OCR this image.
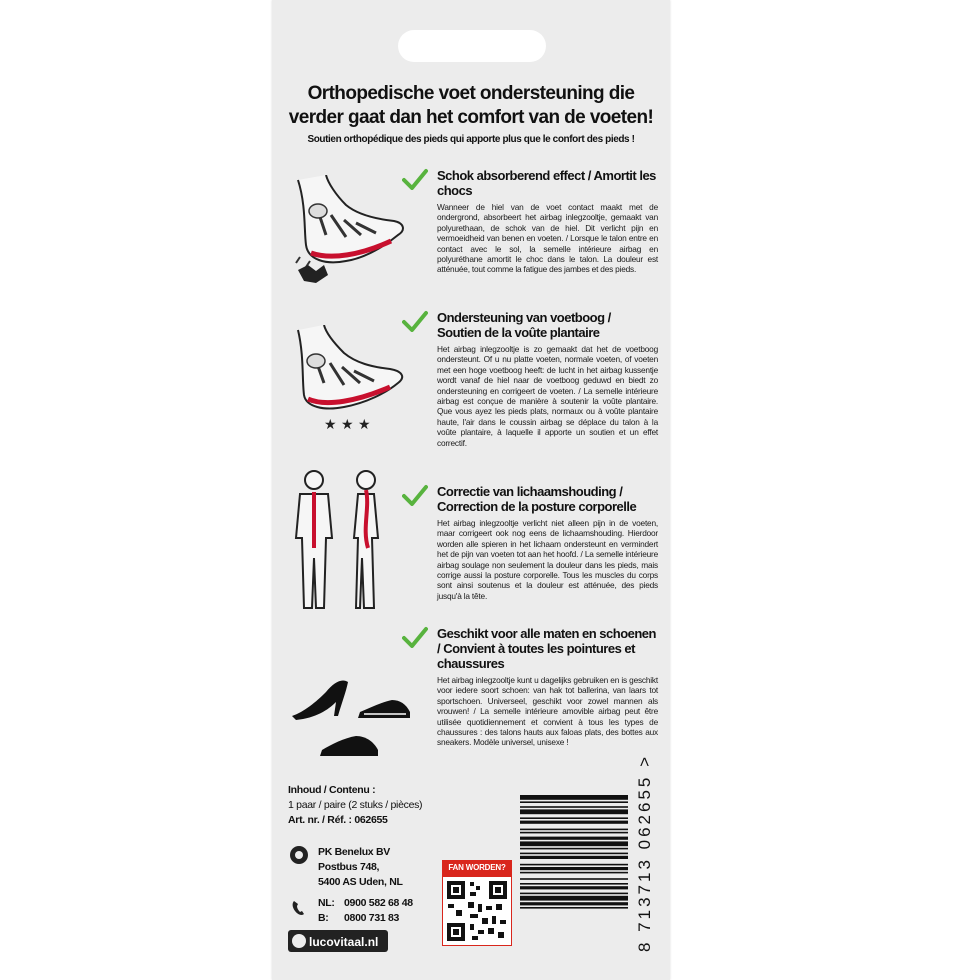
Orthopedische voet ondersteuning die
verder gaat dan het comfort van de voeten!
Soutien orthopédique des pieds qui apporte plus que le confort des pieds !
Schok absorberend effect / Amortit les chocs
Wanneer de hiel van de voet contact maakt met de ondergrond, absorbeert het airbag inlegzooltje, gemaakt van polyurethaan, de schok van de hiel. Dit verlicht pijn en vermoeidheid van benen en voeten. / Lorsque le talon entre en contact avec le sol, la semelle intérieure airbag en polyuréthane amortit le choc dans le talon. La douleur est atténuée, tout comme la fatigue des jambes et des pieds.
Ondersteuning van voetboog / Soutien de la voûte plantaire
Het airbag inlegzooltje is zo gemaakt dat het de voetboog ondersteunt. Of u nu platte voeten, normale voeten, of voeten met een hoge voetboog heeft: de lucht in het airbag kussentje wordt vanaf de hiel naar de voetboog geduwd en biedt zo ondersteuning en corrigeert de voeten. / La semelle intérieure airbag est conçue de manière à soutenir la voûte plantaire. Que vous ayez les pieds plats, normaux ou à voûte plantaire haute, l'air dans le coussin airbag se déplace du talon à la voûte plantaire, à laquelle il apporte un soutien et un effet correctif.
Correctie van lichaamshouding / Correction de la posture corporelle
Het airbag inlegzooltje verlicht niet alleen pijn in de voeten, maar corrigeert ook nog eens de lichaamshouding. Hierdoor worden alle spieren in het lichaam ondersteunt en vermindert het de pijn van voeten tot aan het hoofd. / La semelle intérieure airbag soulage non seulement la douleur dans les pieds, mais corrige aussi la posture corporelle. Tous les muscles du corps sont ainsi soutenus et la douleur est atténuée, des pieds jusqu'à la tête.
Geschikt voor alle maten en schoenen / Convient à toutes les pointures et chaussures
Het airbag inlegzooltje kunt u dagelijks gebruiken en is geschikt voor iedere soort schoen: van hak tot ballerina, van laars tot sportschoen. Universeel, geschikt voor zowel mannen als vrouwen! / La semelle intérieure amovible airbag peut être utilisée quotidiennement et convient à tous les types de chaussures : des talons hauts aux faloas plats, des bottes aux sneakers. Modèle universel, unisexe !
★ ★ ★
Inhoud / Contenu :
1 paar / paire (2 stuks / pièces)
Art. nr. / Réf. : 062655
PK Benelux BV
Postbus 748,
5400 AS Uden, NL
NL: 0900 582 68 48
B: 0800 731 83
lucovitaal.nl
FAN WORDEN?	8 713713 062655 >
